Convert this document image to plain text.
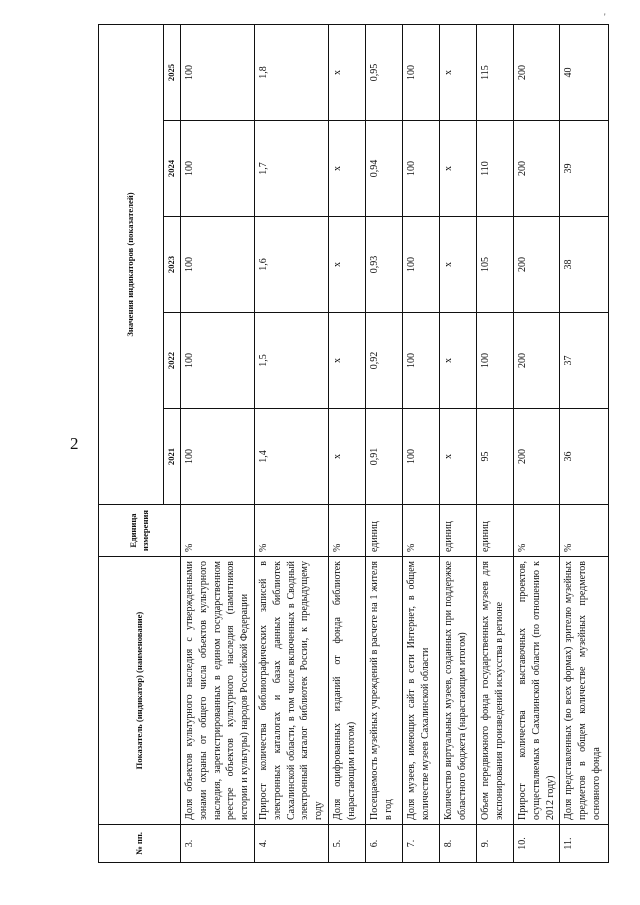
2
'
№ пп.	Показатель (индикатор) (наименование)	Единица измерения	Значения индикаторов (показателей)				
			2021	2022	2023	2024	2025
3.	Доля объектов культурного наследия с утвержденными зонами охраны от общего числа объектов культурного наследия, зарегистрированных в едином государственном реестре объектов культурного наследия (памятников истории и культуры) народов Российской Федерации	%	100	100	100	100	100
4.	Прирост количества библиографических записей в электронных каталогах и базах данных библиотек Сахалинской области, в том числе включенных в Сводный электронный каталог библиотек России, к предыдущему году	%	1,4	1,5	1,6	1,7	1,8
5.	Доля оцифрованных изданий от фонда библиотек (нарастающим итогом)	%	х	х	х	х	х
6.	Посещаемость музейных учреждений в расчете на 1 жителя в год	единиц	0,91	0,92	0,93	0,94	0,95
7.	Доля музеев, имеющих сайт в сети Интернет, в общем количестве музеев Сахалинской области	%	100	100	100	100	100
8.	Количество виртуальных музеев, созданных при поддержке областного бюджета (нарастающим итогом)	единиц	х	х	х	х	х
9.	Объем передвижного фонда государственных музеев для экспонирования произведений искусства в регионе	единиц	95	100	105	110	115
10.	Прирост количества выставочных проектов, осуществляемых в Сахалинской области (по отношению к 2012 году)	%	200	200	200	200	200
11.	Доля представленных (во всех формах) зрителю музейных предметов в общем количестве музейных предметов основного фонда	%	36	37	38	39	40
